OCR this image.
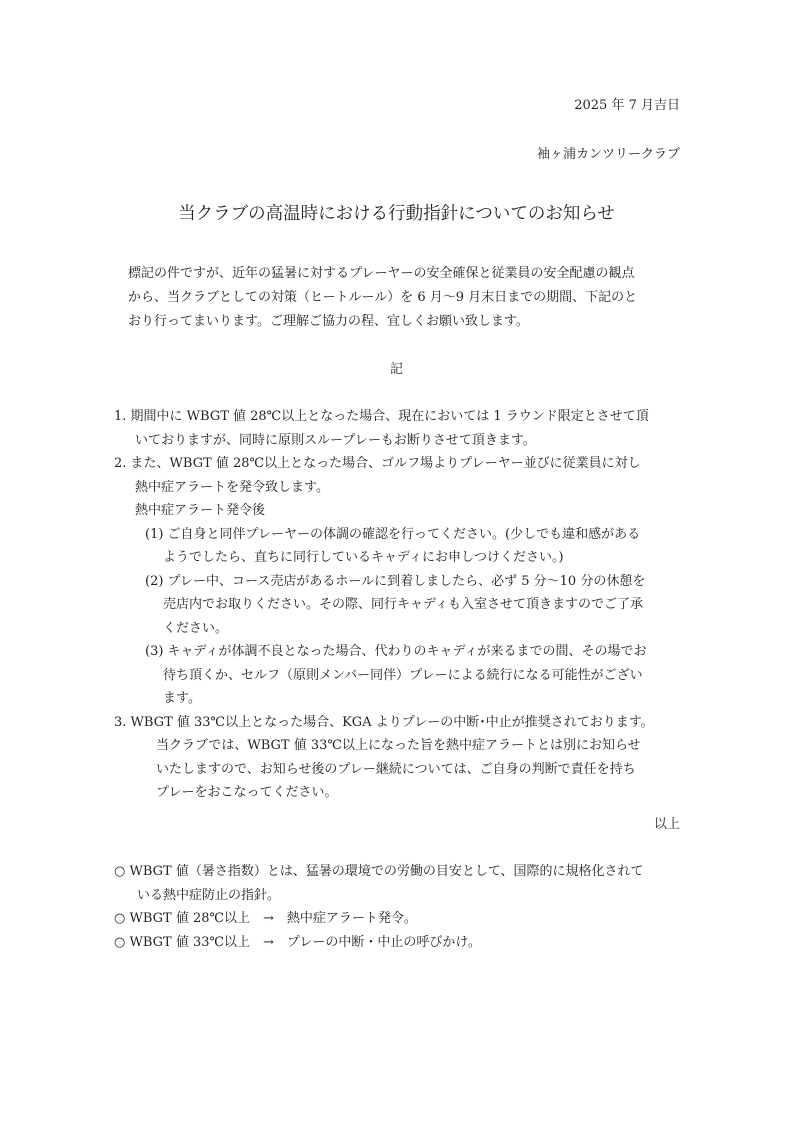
2025 年 7 月吉日
袖ヶ浦カンツリークラブ
当クラブの高温時における行動指針についてのお知らせ
標記の件ですが、近年の猛暑に対するプレーヤーの安全確保と従業員の安全配慮の観点
から、当クラブとしての対策（ヒートルール）を 6 月～9 月末日までの期間、下記のと
おり行ってまいります。ご理解ご協力の程、宜しくお願い致します。
記
1. 期間中に WBGT 値 28℃以上となった場合、現在においては 1 ラウンド限定とさせて頂
いておりますが、同時に原則スループレーもお断りさせて頂きます。
2. また、WBGT 値 28℃以上となった場合、ゴルフ場よりプレーヤー並びに従業員に対し
熱中症アラートを発令致します。
熱中症アラート発令後
(1) ご自身と同伴プレーヤーの体調の確認を行ってください。(少しでも違和感がある
ようでしたら、直ちに同行しているキャディにお申しつけください。)
(2) プレー中、コース売店があるホールに到着しましたら、必ず 5 分～10 分の休憩を
売店内でお取りください。その際、同行キャディも入室させて頂きますのでご了承
ください。
(3) キャディが体調不良となった場合、代わりのキャディが来るまでの間、その場でお
待ち頂くか、セルフ（原則メンバー同伴）プレーによる続行になる可能性がござい
ます。
3. WBGT 値 33℃以上となった場合、KGA よりプレーの中断･中止が推奨されております。
当クラブでは、WBGT 値 33℃以上になった旨を熱中症アラートとは別にお知らせ
いたしますので、お知らせ後のプレー継続については、ご自身の判断で責任を持ち
プレーをおこなってください。
以上
○ WBGT 値（暑さ指数）とは、猛暑の環境での労働の目安として、国際的に規格化されて
いる熱中症防止の指針。
○ WBGT 値 28℃以上　→　熱中症アラート発令。
○ WBGT 値 33℃以上　→　プレーの中断・中止の呼びかけ。
